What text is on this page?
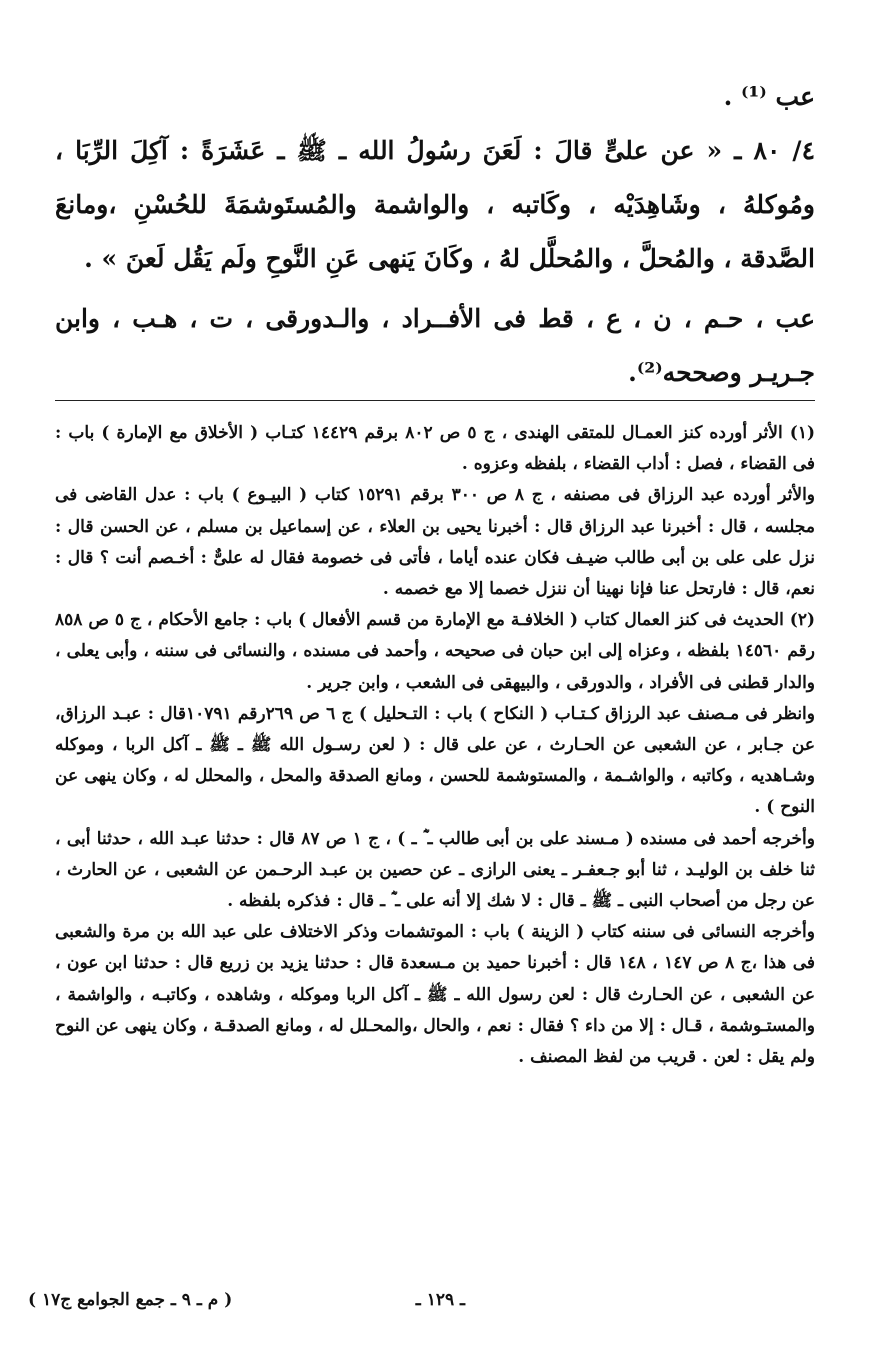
عب ⁽¹⁾ .

٤/ ٨٠ ـ « عن علىٍّ قالَ : لَعَنَ رسُولُ الله ـ ﷺ ـ عَشَرَةً : آكِلَ الرِّبَا ، ومُوكلهُ ، وشَاهِدَيْه ، وكَاتبه ، والواشمة والمُستَوشمَةَ للحُسْنِ ،ومانعَ الصَّدقة ، والمُحلَّ ، والمُحلَّل لهُ ، وكَانَ يَنهى عَنِ النَّوحِ ولَم يَقُل لَعنَ » .

عب ، حـم ، ن ، ع ، قط فى الأفــراد ، والـدورقى ، ت ، هـب ، وابن جـريـر وصححه⁽²⁾.

(١) الأثر أورده كنز العمـال للمتقى الهندى ، ج ٥ ص ٨٠٢ برقم ١٤٤٢٩ كتـاب ( الأخلاق مع الإمارة ) باب : فى القضاء ، فصل : أداب القضاء ، بلفظه وعزوه .

والأثر أورده عبد الرزاق فى مصنفه ، ج ٨ ص ٣٠٠ برقم ١٥٢٩١ كتاب ( البيـوع ) باب : عدل القاضى فى مجلسه ، قال : أخبرنا عبد الرزاق قال : أخبرنا يحيى بن العلاء ، عن إسماعيل بن مسلم ، عن الحسن قال : نزل على على بن أبى طالب ضيـف فكان عنده أياما ، فأتى فى خصومة فقال له علىٌّ : أخـصم أنت ؟ قال : نعم، قال : فارتحل عنا فإنا نهينا أن ننزل خصما إلا مع خصمه .

(٢) الحديث فى كنز العمال كتاب ( الخلافـة مع الإمارة من قسم الأفعال ) باب : جامع الأحكام ، ج ٥ ص ٨٥٨ رقم ١٤٥٦٠ بلفظه ، وعزاه إلى ابن حبان فى صحيحه ، وأحمد فى مسنده ، والنسائى فى سننه ، وأبى يعلى ، والدار قطنى فى الأفراد ، والدورقى ، والبيهقى فى الشعب ، وابن جرير .

وانظر فى مـصنف عبد الرزاق كـتـاب ( النكاح ) باب : التـحليل ) ج ٦ ص ٢٦٩رقم ١٠٧٩١قال : عبـد الرزاق، عن جـابر ، عن الشعبى عن الحـارث ، عن على قال : ( لعن رسـول الله ﷺ ـ ﷺ ـ آكل الربا ، وموكله وشـاهديه ، وكاتبه ، والواشـمة ، والمستوشمة للحسن ، ومانع الصدقة والمحل ، والمحلل له ، وكان ينهى عن النوح ) .

وأخرجه أحمد فى مسنده ( مـسند على بن أبى طالب ـ ؓ ـ ) ، ج ١ ص ٨٧ قال : حدثنا عبـد الله ، حدثنا أبى ، ثنا خلف بن الوليـد ، ثنا أبو جـعفـر ـ يعنى الرازى ـ عن حصين بن عبـد الرحـمن عن الشعبى ، عن الحارث ، عن رجل من أصحاب النبى ـ ﷺ ـ قال : لا شك إلا أنه على ـ ؓ ـ قال : فذكره بلفظه .

وأخرجه النسائى فى سننه كتاب ( الزينة ) باب : الموتشمات وذكر الاختلاف على عبد الله بن مرة والشعبى فى هذا ،ج ٨ ص ١٤٧ ، ١٤٨ قال : أخبرنا حميد بن مـسعدة قال : حدثنا يزيد بن زريع قال : حدثنا ابن عون ، عن الشعبى ، عن الحـارث قال : لعن رسول الله ـ ﷺ ـ آكل الربا وموكله ، وشاهده ، وكاتبـه ، والواشمة ، والمستـوشمة ، قـال : إلا من داء ؟ فقال : نعم ، والحال ،والمحـلل له ، ومانع الصدقـة ، وكان ينهى عن النوح ولم يقل : لعن . قريب من لفظ المصنف .

ـ ١٢٩ ـ
( م ـ ٩ ـ جمع الجوامع ج١٧ )
